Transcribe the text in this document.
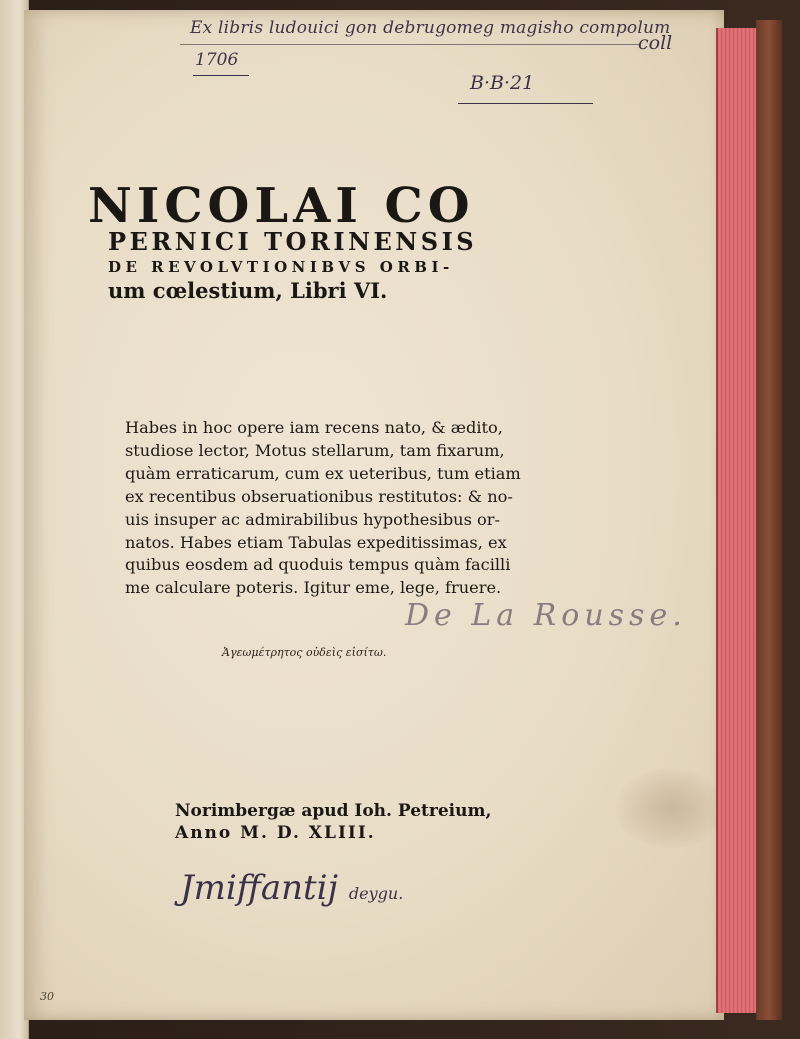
Ex libris ludouici gon debrugomeg magisho compolum
1706
coll
B·B·21
NICOLAI CO
PERNICI TORINENSIS
DE REVOLVTIONIBVS ORBI-
um cœlestium, Libri VI.
Habes in hoc opere iam recens nato, & ædito,
studiose lector, Motus stellarum, tam fixarum,
quàm erraticarum, cum ex ueteribus, tum etiam
ex recentibus obseruationibus restitutos: & no-
uis insuper ac admirabilibus hypothesibus or-
natos. Habes etiam Tabulas expeditissimas, ex
quibus eosdem ad quoduis tempus quàm facilli
me calculare poteris. Igitur eme, lege, fruere.
De La Rousse.
Ἀγεωμέτρητος οὐδεὶς εἰσίτω.
Norimbergæ apud Ioh. Petreium,
Anno M. D. XLIII.
Jmiffantij deygu.
30
